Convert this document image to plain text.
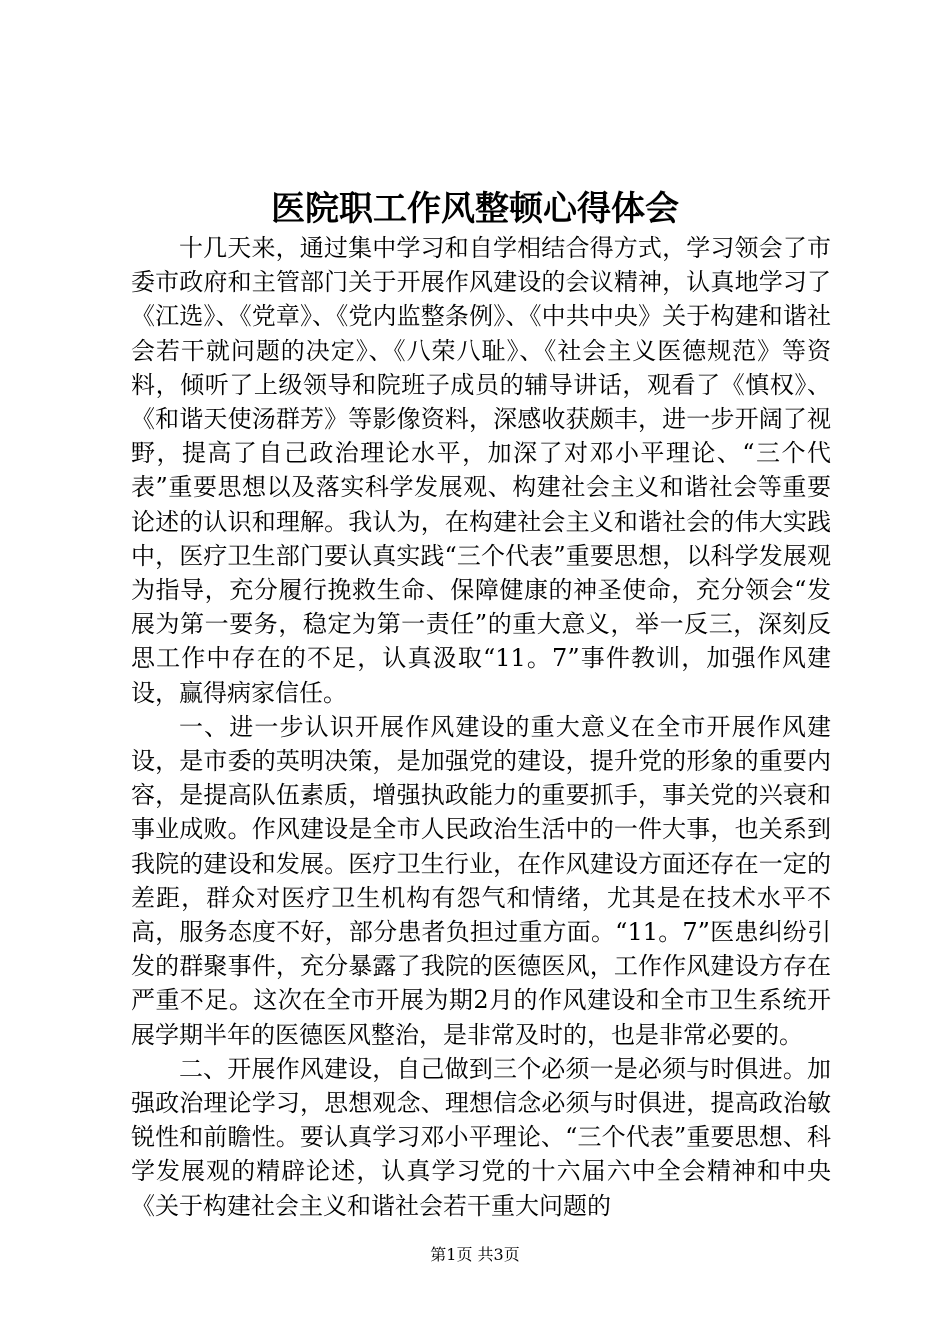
医院职工作风整顿心得体会

十几天来，通过集中学习和自学相结合得方式，学习领会了市委市政府和主管部门关于开展作风建设的会议精神，认真地学习了《江选》、《党章》、《党内监整条例》、《中共中央》关于构建和谐社会若干就问题的决定》、《八荣八耻》、《社会主义医德规范》等资料，倾听了上级领导和院班子成员的辅导讲话，观看了《慎权》、《和谐天使汤群芳》等影像资料，深感收获颇丰，进一步开阔了视野，提高了自己政治理论水平，加深了对邓小平理论、“三个代表”重要思想以及落实科学发展观、构建社会主义和谐社会等重要论述的认识和理解。我认为，在构建社会主义和谐社会的伟大实践中，医疗卫生部门要认真实践“三个代表”重要思想，以科学发展观为指导，充分履行挽救生命、保障健康的神圣使命，充分领会“发展为第一要务，稳定为第一责任”的重大意义，举一反三，深刻反思工作中存在的不足，认真汲取“11。7”事件教训，加强作风建设，赢得病家信任。

一、进一步认识开展作风建设的重大意义在全市开展作风建设，是市委的英明决策，是加强党的建设，提升党的形象的重要内容，是提高队伍素质，增强执政能力的重要抓手，事关党的兴衰和事业成败。作风建设是全市人民政治生活中的一件大事，也关系到我院的建设和发展。医疗卫生行业，在作风建设方面还存在一定的差距，群众对医疗卫生机构有怨气和情绪，尤其是在技术水平不高，服务态度不好，部分患者负担过重方面。“11。7”医患纠纷引发的群聚事件，充分暴露了我院的医德医风，工作作风建设方存在严重不足。这次在全市开展为期2月的作风建设和全市卫生系统开展学期半年的医德医风整治，是非常及时的，也是非常必要的。

二、开展作风建设，自己做到三个必须一是必须与时俱进。加强政治理论学习，思想观念、理想信念必须与时俱进，提高政治敏锐性和前瞻性。要认真学习邓小平理论、“三个代表”重要思想、科学发展观的精辟论述，认真学习党的十六届六中全会精神和中央《关于构建社会主义和谐社会若干重大问题的

第1页 共3页
